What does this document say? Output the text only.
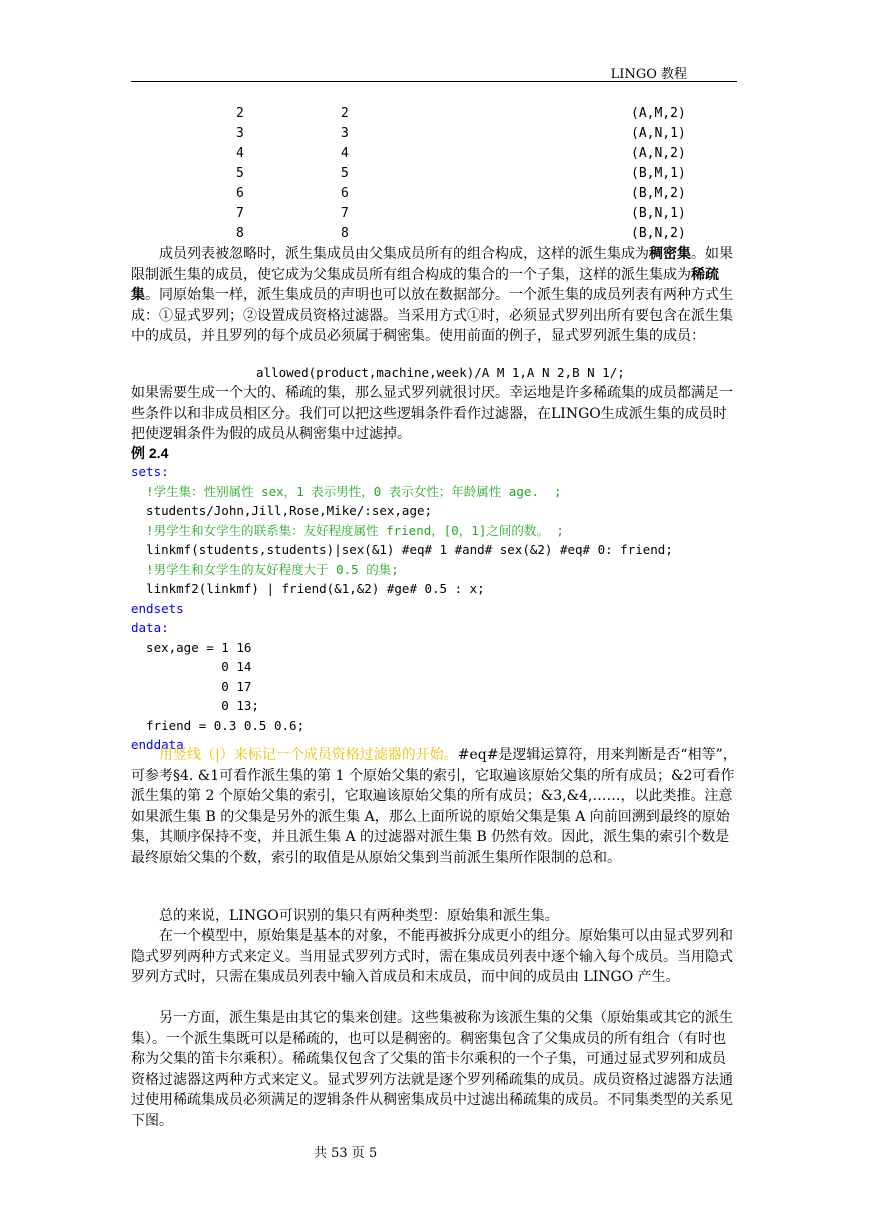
LINGO 教程
2	2	(A,M,2)
3	3	(A,N,1)
4	4	(A,N,2)
5	5	(B,M,1)
6	6	(B,M,2)
7	7	(B,N,1)
8	8	(B,N,2)
成员列表被忽略时，派生集成员由父集成员所有的组合构成，这样的派生集成为稠密集。如果限制派生集的成员，使它成为父集成员所有组合构成的集合的一个子集，这样的派生集成为稀疏集。同原始集一样，派生集成员的声明也可以放在数据部分。一个派生集的成员列表有两种方式生成：①显式罗列；②设置成员资格过滤器。当采用方式①时，必须显式罗列出所有要包含在派生集中的成员，并且罗列的每个成员必须属于稠密集。使用前面的例子，显式罗列派生集的成员：
allowed(product,machine,week)/A M 1,A N 2,B N 1/;
如果需要生成一个大的、稀疏的集，那么显式罗列就很讨厌。幸运地是许多稀疏集的成员都满足一些条件以和非成员相区分。我们可以把这些逻辑条件看作过滤器，在LINGO生成派生集的成员时把使逻辑条件为假的成员从稠密集中过滤掉。
例 2.4
sets:
!学生集：性别属性 sex，1 表示男性，0 表示女性；年龄属性 age.  ;
students/John,Jill,Rose,Mike/:sex,age;
!男学生和女学生的联系集：友好程度属性 friend，[0，1]之间的数。 ;
linkmf(students,students)|sex(&1) #eq# 1 #and# sex(&2) #eq# 0: friend;
!男学生和女学生的友好程度大于 0.5 的集;
linkmf2(linkmf) | friend(&1,&2) #ge# 0.5 : x;
endsets
data:
sex,age = 1 16
0 14
0 17
0 13;
friend = 0.3 0.5 0.6;
enddata
用竖线（|）来标记一个成员资格过滤器的开始。#eq#是逻辑运算符，用来判断是否“相等”，可参考§4. &1可看作派生集的第 1 个原始父集的索引，它取遍该原始父集的所有成员；&2可看作派生集的第 2 个原始父集的索引，它取遍该原始父集的所有成员；&3,&4,……，以此类推。注意如果派生集 B 的父集是另外的派生集 A，那么上面所说的原始父集是集 A 向前回溯到最终的原始集，其顺序保持不变，并且派生集 A 的过滤器对派生集 B 仍然有效。因此，派生集的索引个数是最终原始父集的个数，索引的取值是从原始父集到当前派生集所作限制的总和。
总的来说，LINGO可识别的集只有两种类型：原始集和派生集。
在一个模型中，原始集是基本的对象，不能再被拆分成更小的组分。原始集可以由显式罗列和隐式罗列两种方式来定义。当用显式罗列方式时，需在集成员列表中逐个输入每个成员。当用隐式罗列方式时，只需在集成员列表中输入首成员和末成员，而中间的成员由 LINGO 产生。
另一方面，派生集是由其它的集来创建。这些集被称为该派生集的父集（原始集或其它的派生集）。一个派生集既可以是稀疏的，也可以是稠密的。稠密集包含了父集成员的所有组合（有时也称为父集的笛卡尔乘积）。稀疏集仅包含了父集的笛卡尔乘积的一个子集，可通过显式罗列和成员资格过滤器这两种方式来定义。显式罗列方法就是逐个罗列稀疏集的成员。成员资格过滤器方法通过使用稀疏集成员必须满足的逻辑条件从稠密集成员中过滤出稀疏集的成员。不同集类型的关系见下图。
共 53 页 5
